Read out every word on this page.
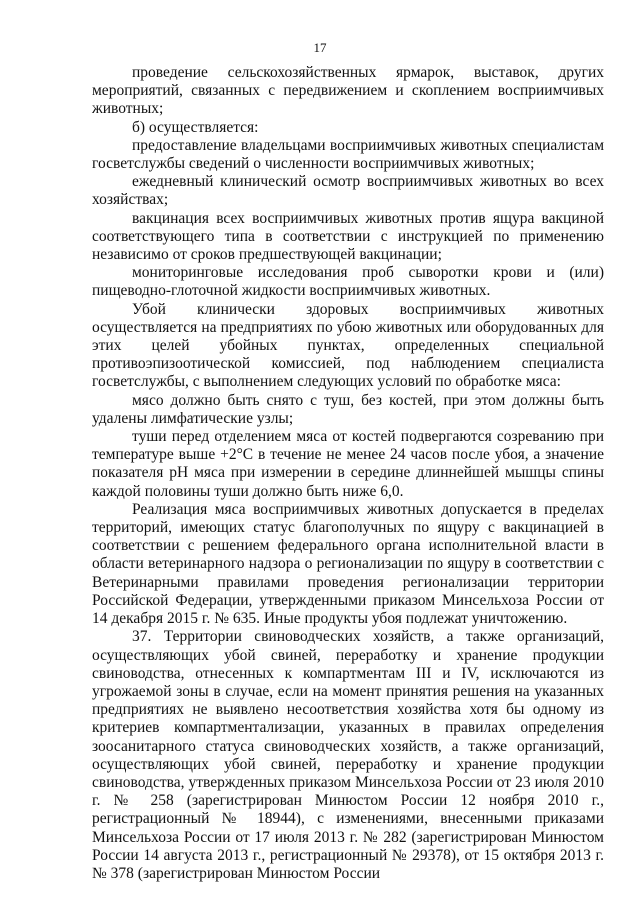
17

проведение сельскохозяйственных ярмарок, выставок, других мероприятий, связанных с передвижением и скоплением восприимчивых животных;

б) осуществляется:

предоставление владельцами восприимчивых животных специалистам госветслужбы сведений о численности восприимчивых животных;

ежедневный клинический осмотр восприимчивых животных во всех хозяйствах;

вакцинация всех восприимчивых животных против ящура вакциной соответствующего типа в соответствии с инструкцией по применению независимо от сроков предшествующей вакцинации;

мониторинговые исследования проб сыворотки крови и (или) пищеводно-глоточной жидкости восприимчивых животных.

Убой клинически здоровых восприимчивых животных осуществляется на предприятиях по убою животных или оборудованных для этих целей убойных пунктах, определенных специальной противоэпизоотической комиссией, под наблюдением специалиста госветслужбы, с выполнением следующих условий по обработке мяса:

мясо должно быть снято с туш, без костей, при этом должны быть удалены лимфатические узлы;

туши перед отделением мяса от костей подвергаются созреванию при температуре выше +2°С в течение не менее 24 часов после убоя, а значение показателя рН мяса при измерении в середине длиннейшей мышцы спины каждой половины туши должно быть ниже 6,0.

Реализация мяса восприимчивых животных допускается в пределах территорий, имеющих статус благополучных по ящуру с вакцинацией в соответствии с решением федерального органа исполнительной власти в области ветеринарного надзора о регионализации по ящуру в соответствии с Ветеринарными правилами проведения регионализации территории Российской Федерации, утвержденными приказом Минсельхоза России от 14 декабря 2015 г. № 635. Иные продукты убоя подлежат уничтожению.

37. Территории свиноводческих хозяйств, а также организаций, осуществляющих убой свиней, переработку и хранение продукции свиноводства, отнесенных к компартментам III и IV, исключаются из угрожаемой зоны в случае, если на момент принятия решения на указанных предприятиях не выявлено несоответствия хозяйства хотя бы одному из критериев компартментализации, указанных в правилах определения зоосанитарного статуса свиноводческих хозяйств, а также организаций, осуществляющих убой свиней, переработку и хранение продукции свиноводства, утвержденных приказом Минсельхоза России от 23 июля 2010 г. № 258 (зарегистрирован Минюстом России 12 ноября 2010 г., регистрационный № 18944), с изменениями, внесенными приказами Минсельхоза России от 17 июля 2013 г. № 282 (зарегистрирован Минюстом России 14 августа 2013 г., регистрационный № 29378), от 15 октября 2013 г. № 378 (зарегистрирован Минюстом России
